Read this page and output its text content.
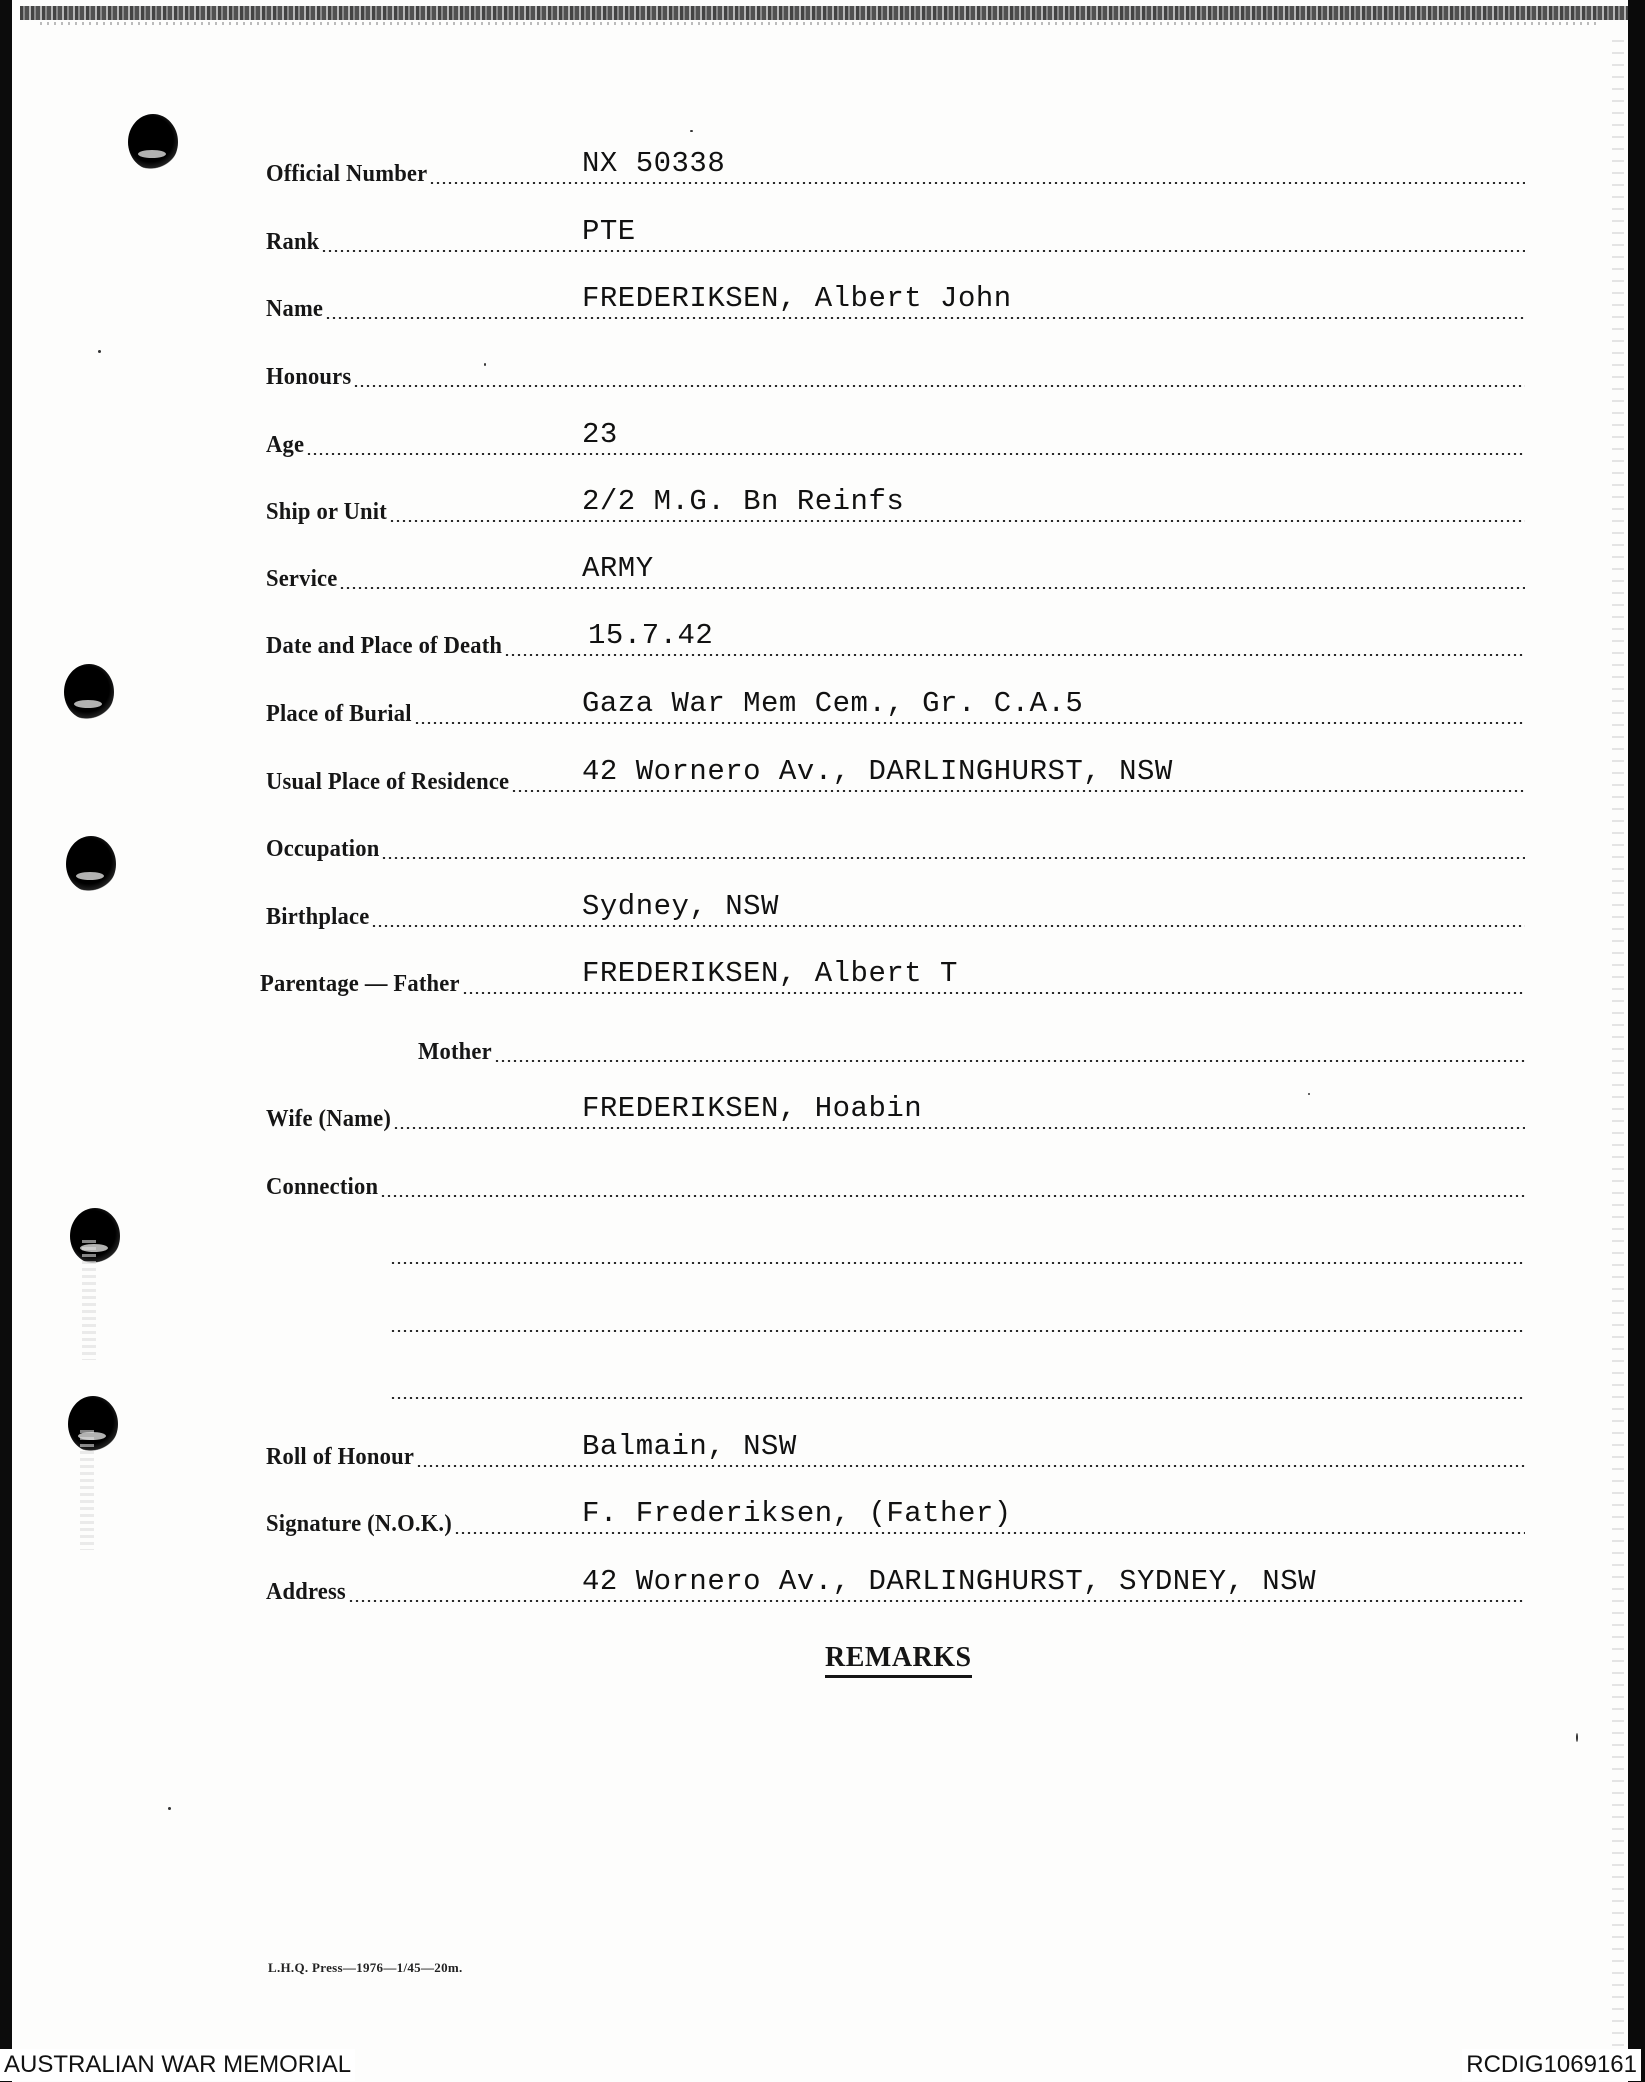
Official Number	NX 50338
Rank	PTE
Name	FREDERIKSEN, Albert John
Honours
Age	23
Ship or Unit	2/2 M.G. Bn Reinfs
Service	ARMY
Date and Place of Death	15.7.42
Place of Burial	Gaza War Mem Cem., Gr. C.A.5
Usual Place of Residence	42 Wornero Av., DARLINGHURST, NSW
Occupation
Birthplace	Sydney, NSW
Parentage — Father	FREDERIKSEN, Albert T
Mother
Wife (Name)	FREDERIKSEN, Hoabin
Connection
Roll of Honour	Balmain, NSW
Signature (N.O.K.)	F. Frederiksen, (Father)
Address	42 Wornero Av., DARLINGHURST, SYDNEY, NSW
REMARKS
L.H.Q. Press—1976—1/45—20m.
AUSTRALIAN WAR MEMORIAL	RCDIG1069161
